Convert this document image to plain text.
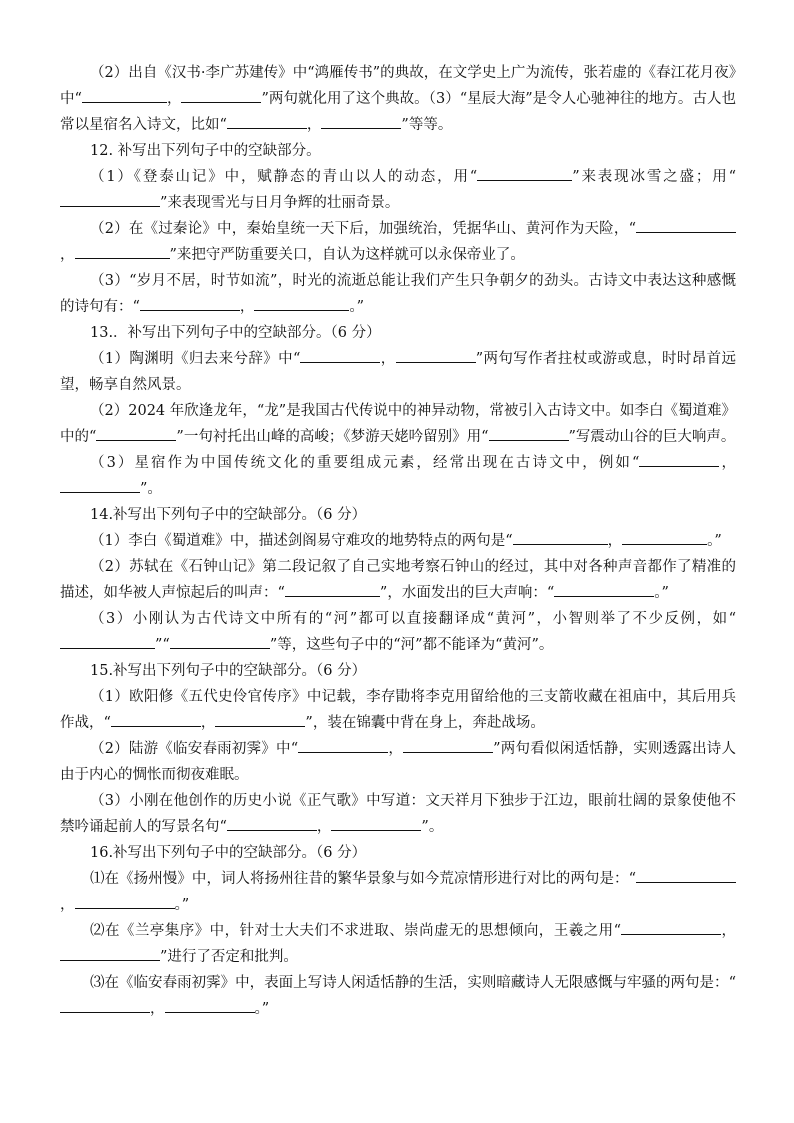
（2）出自《汉书·李广苏建传》中“鸿雁传书”的典故，在文学史上广为流传，张若虚的《春江花月夜》中“	，	”两句就化用了这个典故。（3）“星辰大海”是令人心驰神往的地方。古人也常以星宿名入诗文，比如“	，	”等等。

12. 补写出下列句子中的空缺部分。

（1）《登泰山记》中，赋静态的青山以人的动态，用“	”来表现冰雪之盛；用“”来表现雪光与日月争辉的壮丽奇景。

（2）在《过秦论》中，秦始皇统一天下后，加强统治，凭据华山、黄河作为天险，“，	”来把守严防重要关口，自认为这样就可以永保帝业了。

（3）“岁月不居，时节如流”，时光的流逝总能让我们产生只争朝夕的劲头。古诗文中表达这种感慨的诗句有：“	，	。”

13.．补写出下列句子中的空缺部分。（6 分）

（1）陶渊明《归去来兮辞》中“	，	”两句写作者拄杖或游或息，时时昂首远望，畅享自然风景。

（2）2024 年欣逢龙年，“龙”是我国古代传说中的神异动物，常被引入古诗文中。如李白《蜀道难》中的“	”一句衬托出山峰的高峻；《梦游天姥吟留别》用“	”写震动山谷的巨大响声。

（3）星宿作为中国传统文化的重要组成元素，经常出现在古诗文中，例如“	，”。

14.补写出下列句子中的空缺部分。（6 分）

（1）李白《蜀道难》中，描述剑阁易守难攻的地势特点的两句是“	，	。”

（2）苏轼在《石钟山记》第二段记叙了自己实地考察石钟山的经过，其中对各种声音都作了精准的描述，如华被人声惊起后的叫声：“	”，水面发出的巨大声响：“	。”

（3）小刚认为古代诗文中所有的“河”都可以直接翻译成“黄河”，小智则举了不少反例，如“”“	”等，这些句子中的“河”都不能译为“黄河”。

15.补写出下列句子中的空缺部分。（6 分）

（1）欧阳修《五代史伶官传序》中记载，李存勖将李克用留给他的三支箭收藏在祖庙中，其后用兵作战，“	，	”，装在锦囊中背在身上，奔赴战场。

（2）陆游《临安春雨初霁》中“	，	”两句看似闲适恬静，实则透露出诗人由于内心的惆怅而彻夜难眠。

（3）小刚在他创作的历史小说《正气歌》中写道：文天祥月下独步于江边，眼前壮阔的景象使他不禁吟诵起前人的写景名句“	，	”。

16.补写出下列句子中的空缺部分。（6 分）

⑴在《扬州慢》中，词人将扬州往昔的繁华景象与如今荒凉情形进行对比的两句是：“，	。”

⑵在《兰亭集序》中，针对士大夫们不求进取、崇尚虚无的思想倾向，王羲之用“	，”进行了否定和批判。

⑶在《临安春雨初霁》中，表面上写诗人闲适恬静的生活，实则暗藏诗人无限感慨与牢骚的两句是：“，	。”
